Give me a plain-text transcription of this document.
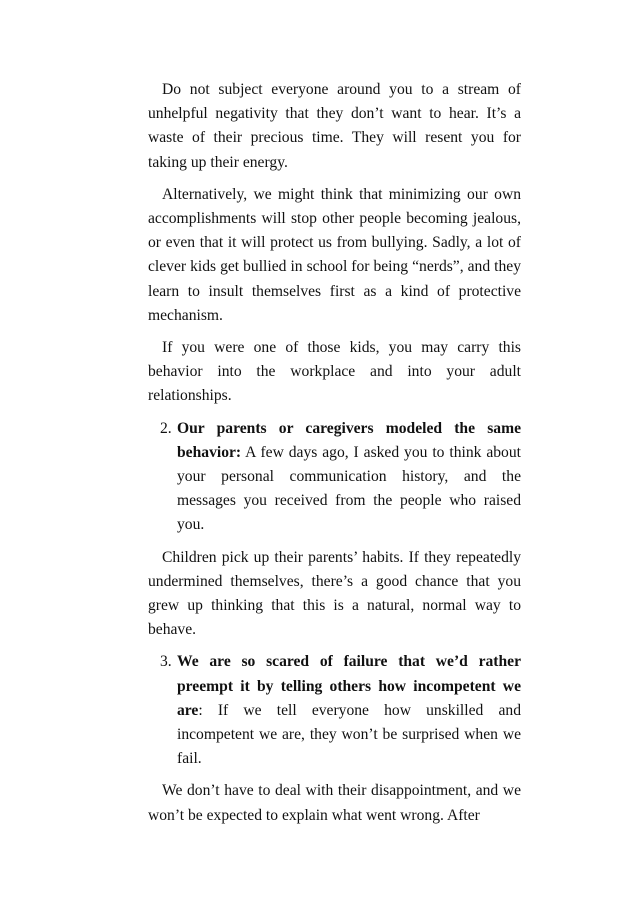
Do not subject everyone around you to a stream of unhelpful negativity that they don’t want to hear. It’s a waste of their precious time. They will resent you for taking up their energy.

Alternatively, we might think that minimizing our own accomplishments will stop other people becoming jealous, or even that it will protect us from bullying. Sadly, a lot of clever kids get bullied in school for being “nerds”, and they learn to insult themselves first as a kind of protective mechanism.

If you were one of those kids, you may carry this behavior into the workplace and into your adult relationships.

2. Our parents or caregivers modeled the same behavior: A few days ago, I asked you to think about your personal communication history, and the messages you received from the people who raised you.

Children pick up their parents’ habits. If they repeatedly undermined themselves, there’s a good chance that you grew up thinking that this is a natural, normal way to behave.

3. We are so scared of failure that we’d rather preempt it by telling others how incompetent we are: If we tell everyone how unskilled and incompetent we are, they won’t be surprised when we fail.

We don’t have to deal with their disappointment, and we won’t be expected to explain what went wrong. After
